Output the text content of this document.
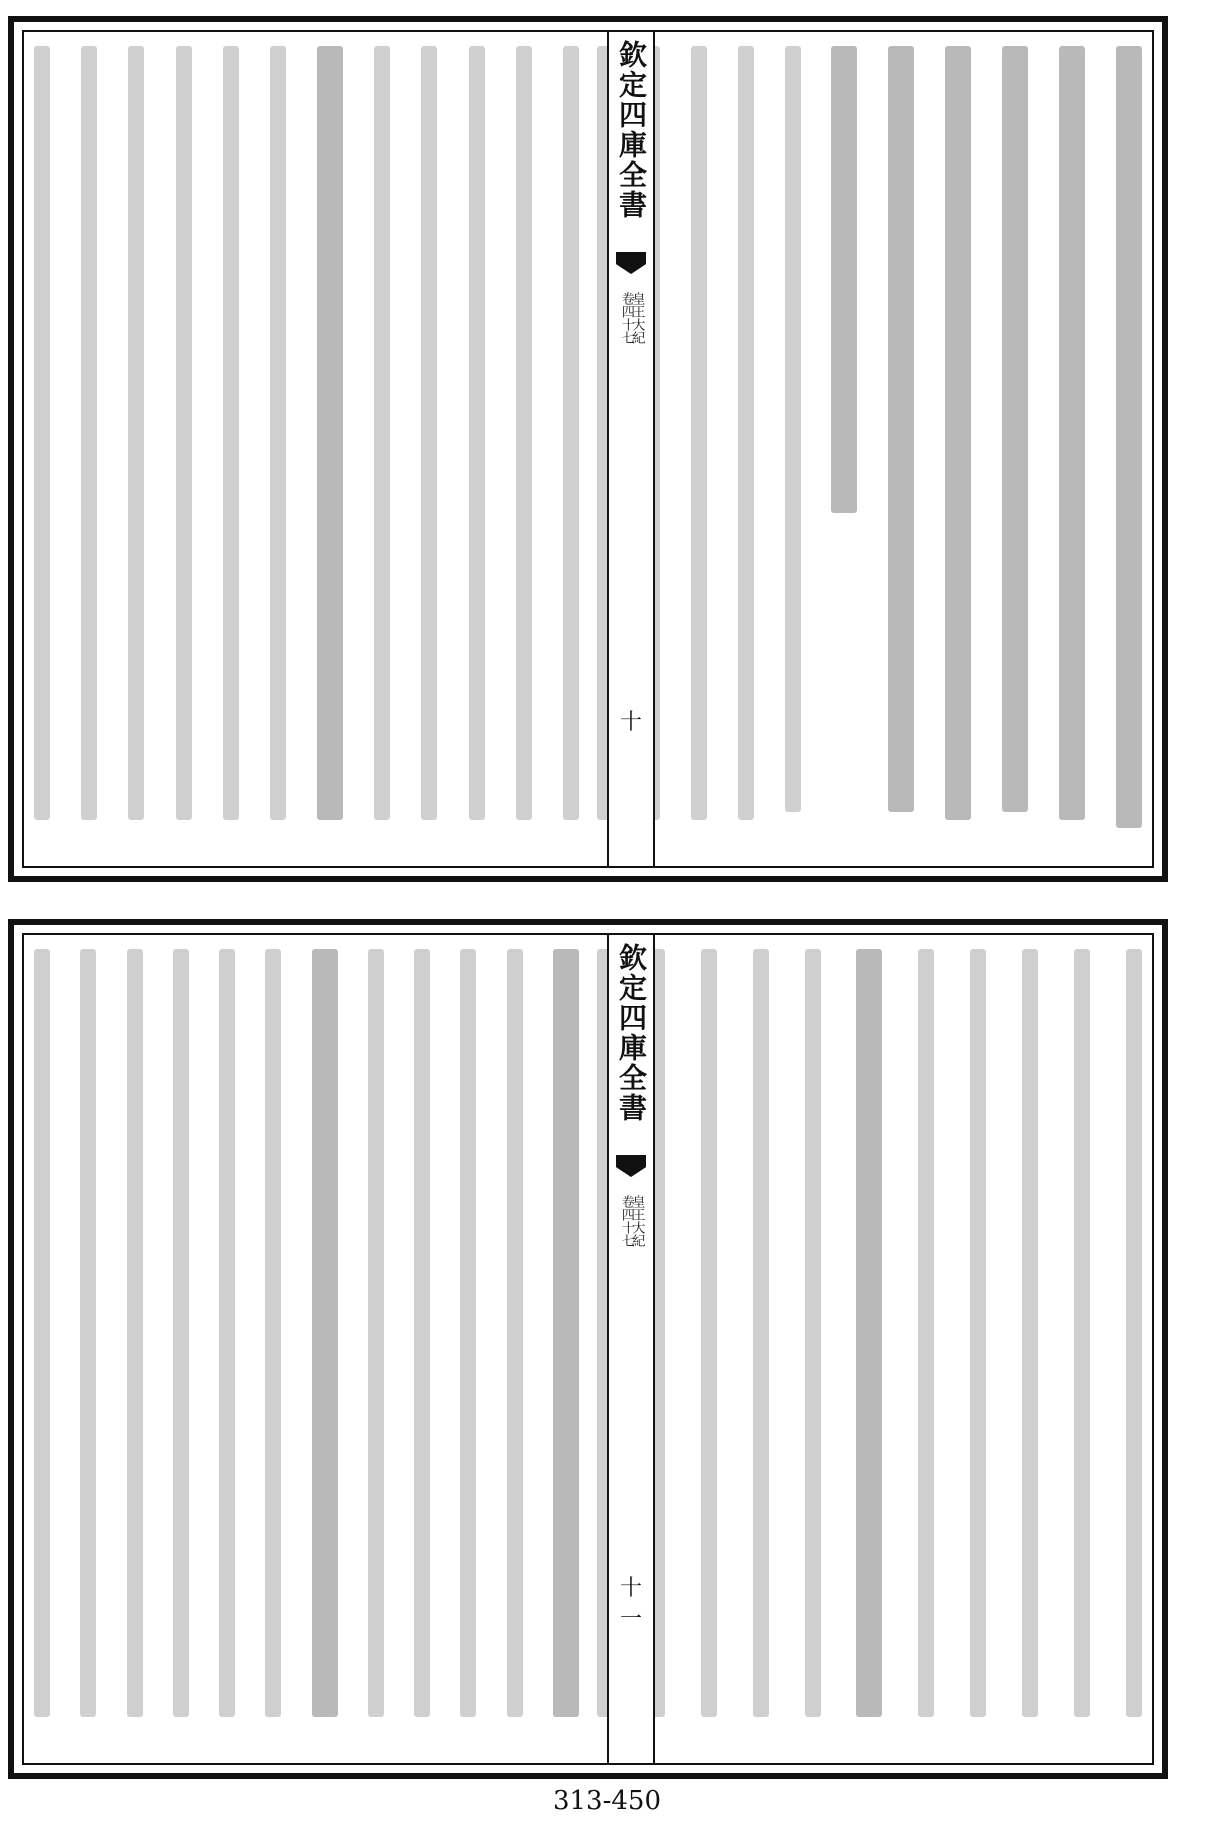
欽定四庫全書
皇王大紀
卷四十七
十
欽定四庫全書
皇王大紀
卷四十七
十一
313-450
